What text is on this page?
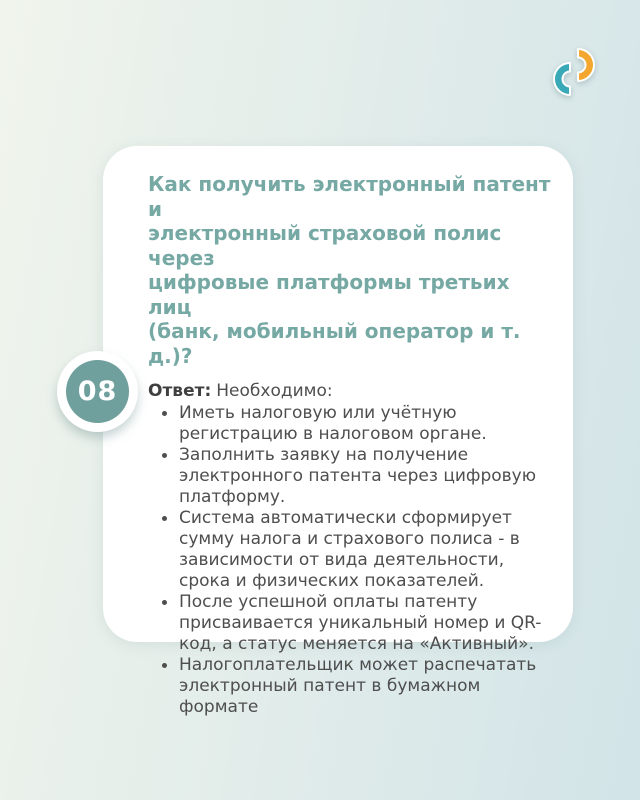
Как получить электронный патент и
электронный страховой полис через
цифровые платформы третьих лиц
(банк, мобильный оператор и т. д.)?

Ответ: Необходимо:

Иметь налоговую или учётную регистрацию в налоговом органе.
Заполнить заявку на получение электронного патента через цифровую платформу.
Система автоматически сформирует сумму налога и страхового полиса - в зависимости от вида деятельности, срока и физических показателей.
После успешной оплаты патенту присваивается уникальный номер и QR-код, а статус меняется на «Активный».
Налогоплательщик может распечатать электронный патент в бумажном формате
08
